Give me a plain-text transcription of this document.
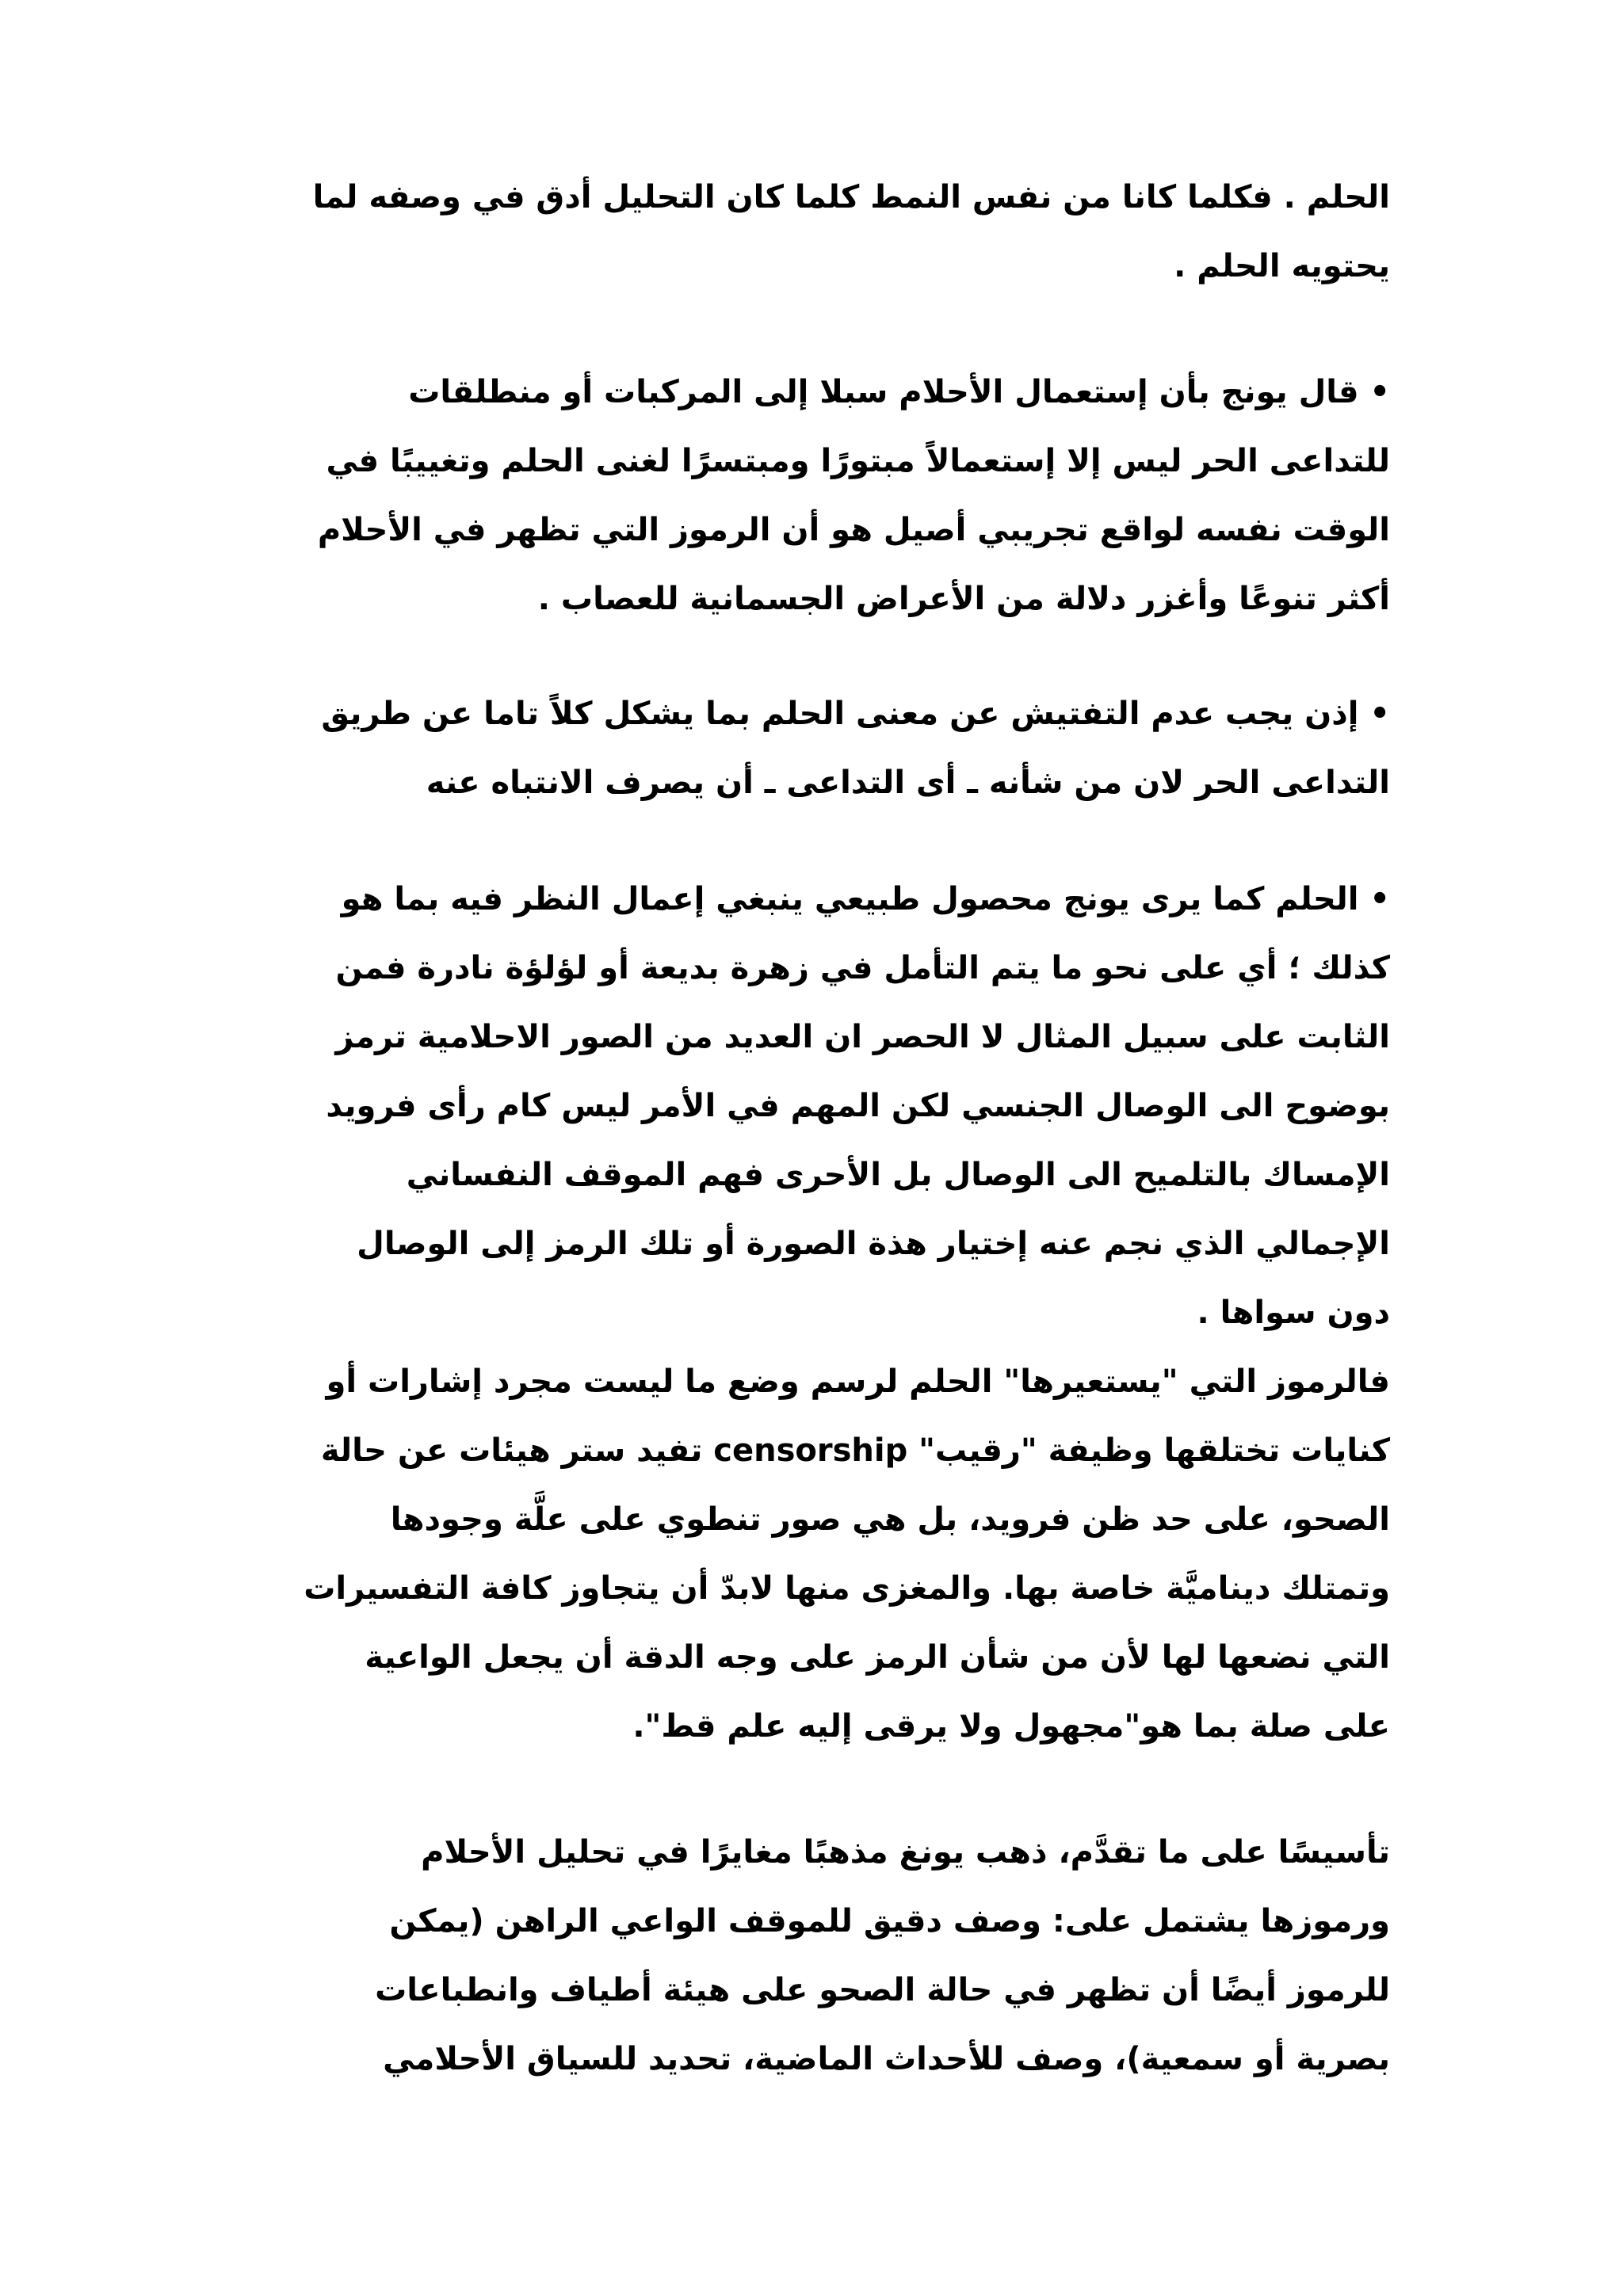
الحلم . فكلما كانا من نفس النمط كلما كان التحليل أدق في وصفه لما
يحتويه الحلم .
• قال يونج بأن إستعمال الأحلام سبلا إلى المركبات أو منطلقات
للتداعى الحر ليس إلا إستعمالاً مبتورًا ومبتسرًا لغنى الحلم وتغييبًا في
الوقت نفسه لواقع تجريبي أصيل هو أن الرموز التي تظهر في الأحلام
أكثر تنوعًا وأغزر دلالة من الأعراض الجسمانية للعصاب .
• إذن يجب عدم التفتيش عن معنى الحلم بما يشكل كلاً تاما عن طريق
التداعى الحر لان من شأنه ـ أى التداعى ـ أن يصرف الانتباه عنه
• الحلم كما يرى يونج محصول طبيعي ينبغي إعمال النظر فيه بما هو
كذلك ؛ أي على نحو ما يتم التأمل في زهرة بديعة أو لؤلؤة نادرة فمن
الثابت على سبيل المثال لا الحصر ان العديد من الصور الاحلامية ترمز
بوضوح الى الوصال الجنسي لكن المهم في الأمر ليس كام رأى فرويد
الإمساك بالتلميح الى الوصال بل الأحرى فهم الموقف النفساني
الإجمالي الذي نجم عنه إختيار هذة الصورة أو تلك الرمز إلى الوصال
دون سواها .
فالرموز التي "يستعيرها" الحلم لرسم وضع ما ليست مجرد إشارات أو
كنايات تختلقها وظيفة "رقيب" censorship تفيد ستر هيئات عن حالة
الصحو، على حد ظن فرويد، بل هي صور تنطوي على علَّة وجودها
وتمتلك ديناميَّة خاصة بها. والمغزى منها لابدّ أن يتجاوز كافة التفسيرات
التي نضعها لها لأن من شأن الرمز على وجه الدقة أن يجعل الواعية
على صلة بما هو"مجهول ولا يرقى إليه علم قط".
تأسيسًا على ما تقدَّم، ذهب يونغ مذهبًا مغايرًا في تحليل الأحلام
ورموزها يشتمل على: وصف دقيق للموقف الواعي الراهن (يمكن
للرموز أيضًا أن تظهر في حالة الصحو على هيئة أطياف وانطباعات
بصرية أو سمعية)، وصف للأحداث الماضية، تحديد للسياق الأحلامي
